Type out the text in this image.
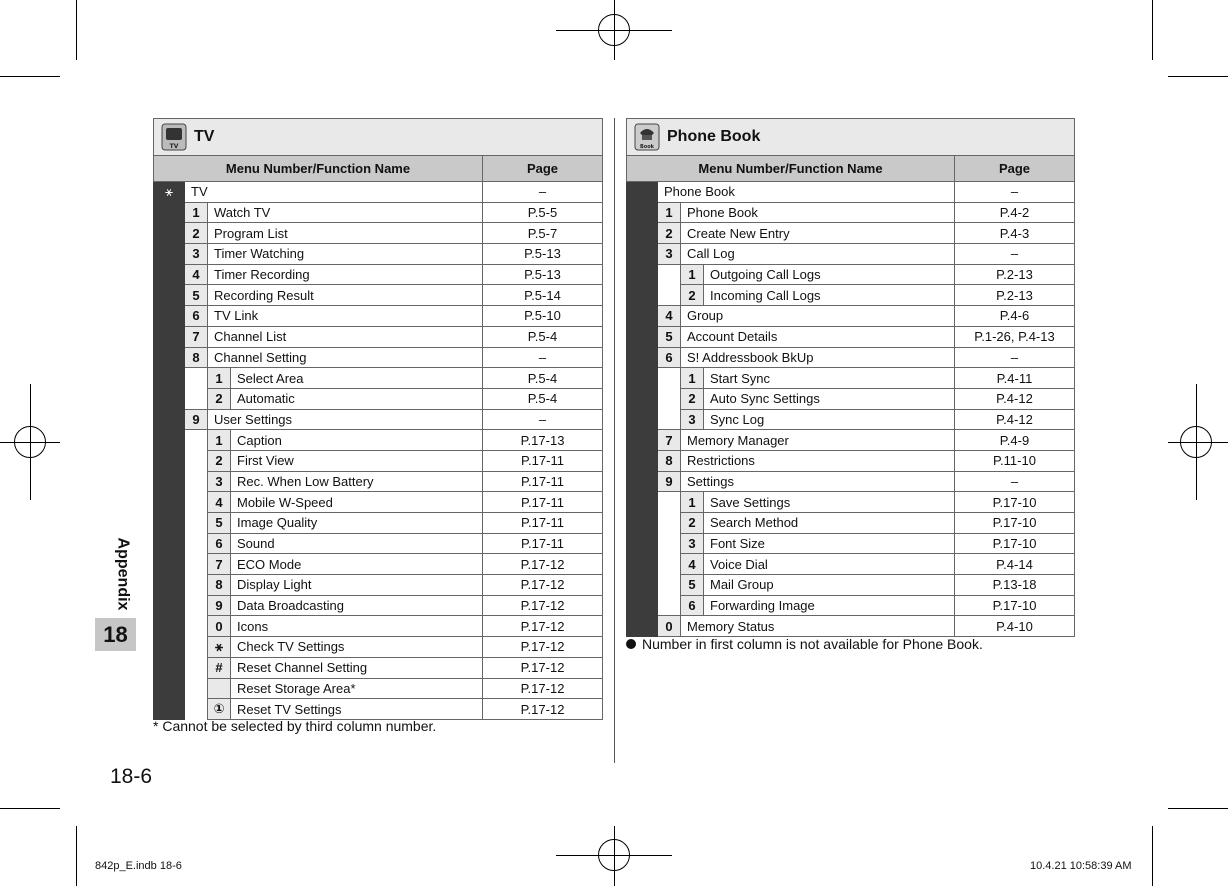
TV
TV
Menu Number/Function Name				Page
⚹	TV			–
	1	Watch TV		P.5-5
	2	Program List		P.5-7
	3	Timer Watching		P.5-13
	4	Timer Recording		P.5-13
	5	Recording Result		P.5-14
	6	TV Link		P.5-10
	7	Channel List		P.5-4
	8	Channel Setting		–
		1	Select Area	P.5-4
		2	Automatic	P.5-4
	9	User Settings		–
		1	Caption	P.17-13
		2	First View	P.17-11
		3	Rec. When Low Battery	P.17-11
		4	Mobile W-Speed	P.17-11
		5	Image Quality	P.17-11
		6	Sound	P.17-11
		7	ECO Mode	P.17-12
		8	Display Light	P.17-12
		9	Data Broadcasting	P.17-12
		0	Icons	P.17-12
		⚹	Check TV Settings	P.17-12
		#	Reset Channel Setting	P.17-12
			Reset Storage Area*	P.17-12
		①	Reset TV Settings	P.17-12
* Cannot be selected by third column number.
Book
Phone Book
Menu Number/Function Name				Page
	Phone Book			–
	1	Phone Book		P.4-2
	2	Create New Entry		P.4-3
	3	Call Log		–
		1	Outgoing Call Logs	P.2-13
		2	Incoming Call Logs	P.2-13
	4	Group		P.4-6
	5	Account Details		P.1-26, P.4-13
	6	S! Addressbook BkUp		–
		1	Start Sync	P.4-11
		2	Auto Sync Settings	P.4-12
		3	Sync Log	P.4-12
	7	Memory Manager		P.4-9
	8	Restrictions		P.11-10
	9	Settings		–
		1	Save Settings	P.17-10
		2	Search Method	P.17-10
		3	Font Size	P.17-10
		4	Voice Dial	P.4-14
		5	Mail Group	P.13-18
		6	Forwarding Image	P.17-10
	0	Memory Status		P.4-10
Number in first column is not available for Phone Book.
Appendix
18
18-6
842p_E.indb 18-6	10.4.21 10:58:39 AM
